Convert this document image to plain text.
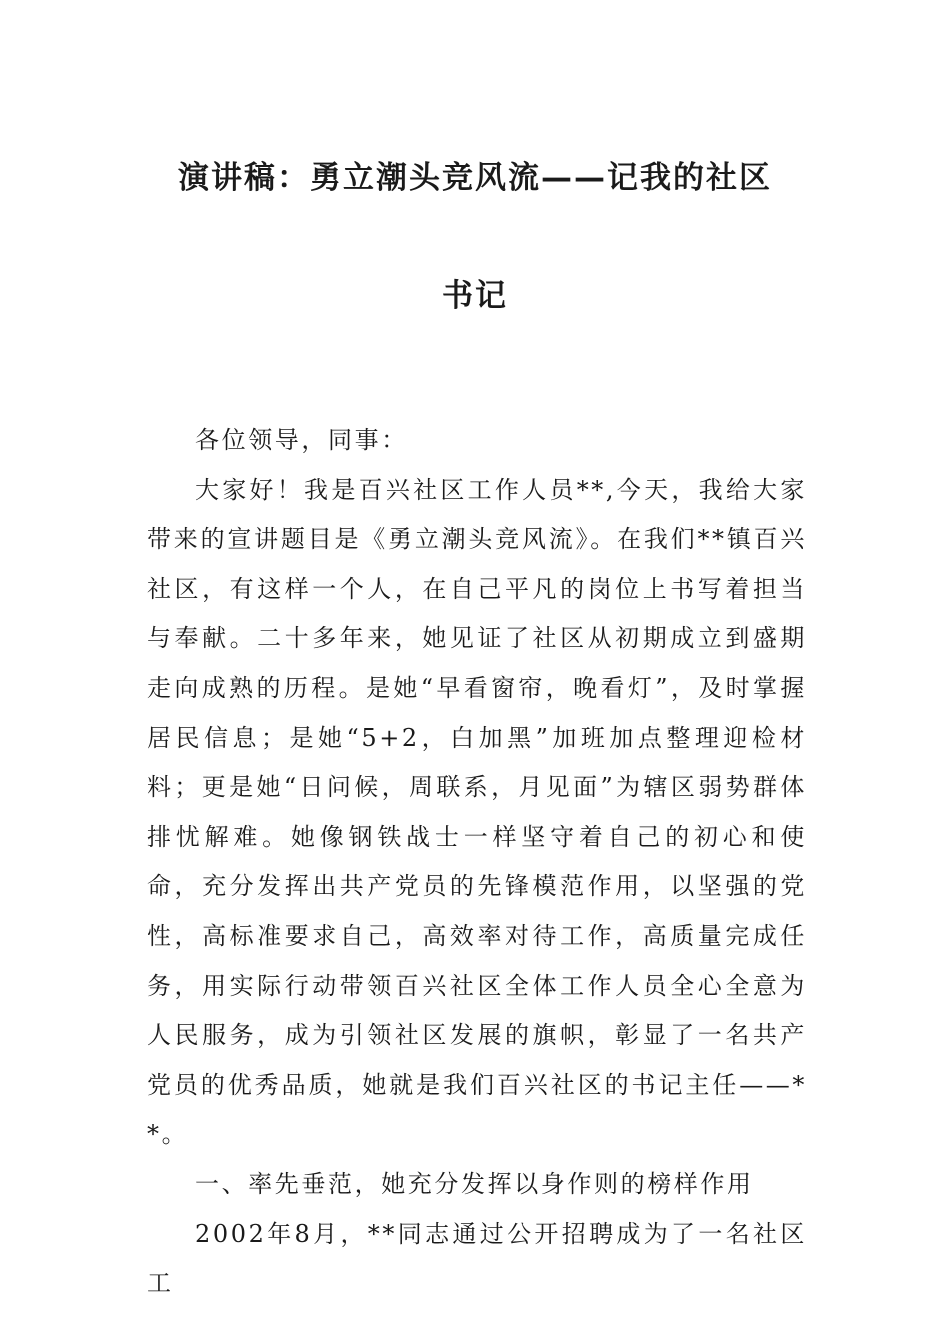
演讲稿：勇立潮头竞风流——记我的社区
书记

各位领导，同事：

大家好！我是百兴社区工作人员**,今天，我给大家带来的宣讲题目是《勇立潮头竞风流》。在我们**镇百兴社区，有这样一个人，在自己平凡的岗位上书写着担当与奉献。二十多年来，她见证了社区从初期成立到盛期走向成熟的历程。是她“早看窗帘，晚看灯”，及时掌握居民信息；是她“5+2，白加黑”加班加点整理迎检材料；更是她“日问候，周联系，月见面”为辖区弱势群体排忧解难。她像钢铁战士一样坚守着自己的初心和使命，充分发挥出共产党员的先锋模范作用，以坚强的党性，高标准要求自己，高效率对待工作，高质量完成任务，用实际行动带领百兴社区全体工作人员全心全意为人民服务，成为引领社区发展的旗帜，彰显了一名共产党员的优秀品质，她就是我们百兴社区的书记主任——**。

一、率先垂范，她充分发挥以身作则的榜样作用

2002年8月，**同志通过公开招聘成为了一名社区工
